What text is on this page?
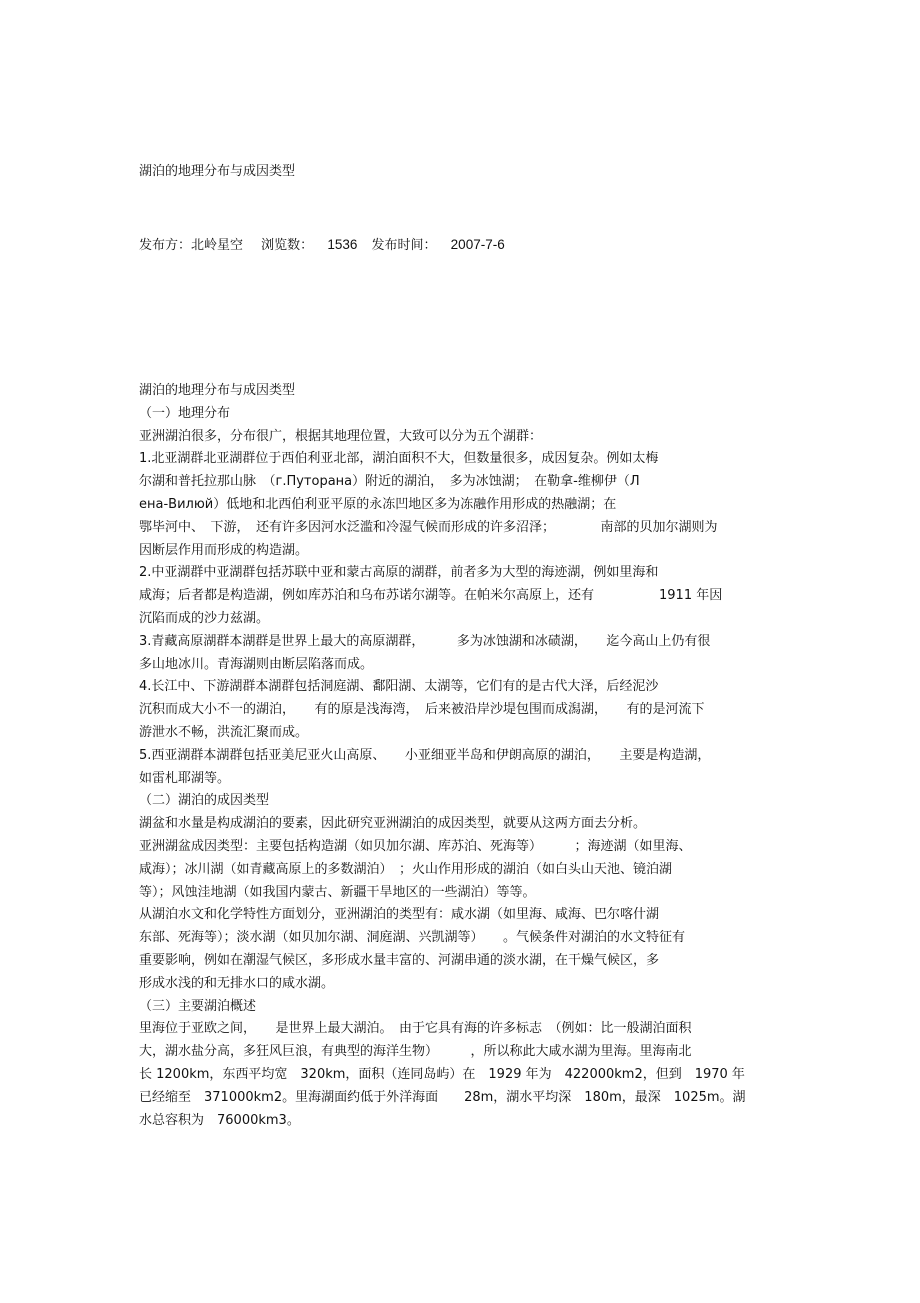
湖泊的地理分布与成因类型
发布方：北岭星空 浏览数： 1536 发布时间： 2007-7-6
湖泊的地理分布与成因类型
（一）地理分布
亚洲湖泊很多，分布很广，根据其地理位置，大致可以分为五个湖群：
1.北亚湖群北亚湖群位于西伯利亚北部，湖泊面积不大，但数量很多，成因复杂。例如太梅
尔湖和普托拉那山脉　（г.Путорана）附近的湖泊，　多为冰蚀湖；　在勒拿-维柳伊（Л
ена-Вилюй）低地和北西伯利亚平原的永冻凹地区多为冻融作用形成的热融湖；在
鄂毕河中、　下游，　还有许多因河水泛滥和冷湿气候而形成的许多沼泽；　　　　南部的贝加尔湖则为
因断层作用而形成的构造湖。
2.中亚湖群中亚湖群包括苏联中亚和蒙古高原的湖群，前者多为大型的海迹湖，例如里海和
咸海；后者都是构造湖，例如库苏泊和乌布苏诺尔湖等。在帕米尔高原上，还有　　　　　1911 年因
沉陷而成的沙力兹湖。
3.青藏高原湖群本湖群是世界上最大的高原湖群，　　　多为冰蚀湖和冰碛湖，　　迄今高山上仍有很
多山地冰川。青海湖则由断层陷落而成。
4.长江中、下游湖群本湖群包括洞庭湖、鄱阳湖、太湖等，它们有的是古代大泽，后经泥沙
沉积而成大小不一的湖泊，　　有的原是浅海湾，　后来被沿岸沙堤包围而成潟湖，　　有的是河流下
游泄水不畅，洪流汇聚而成。
5.西亚湖群本湖群包括亚美尼亚火山高原、　　小亚细亚半岛和伊朗高原的湖泊，　　主要是构造湖，
如雷札耶湖等。
（二）湖泊的成因类型
湖盆和水量是构成湖泊的要素，因此研究亚洲湖泊的成因类型，就要从这两方面去分析。
亚洲湖盆成因类型：主要包括构造湖（如贝加尔湖、库苏泊、死海等）　　　；海迹湖（如里海、
咸海）；冰川湖（如青藏高原上的多数湖泊）　；火山作用形成的湖泊（如白头山天池、镜泊湖
等）；风蚀洼地湖（如我国内蒙古、新疆干旱地区的一些湖泊）等等。
从湖泊水文和化学特性方面划分，亚洲湖泊的类型有：咸水湖（如里海、咸海、巴尔喀什湖
东部、死海等）；淡水湖（如贝加尔湖、洞庭湖、兴凯湖等）　　。气候条件对湖泊的水文特征有
重要影响，例如在潮湿气候区，多形成水量丰富的、河湖串通的淡水湖，在干燥气候区，多
形成水浅的和无排水口的咸水湖。
（三）主要湖泊概述
里海位于亚欧之间，　　是世界上最大湖泊。　由于它具有海的许多标志　（例如：比一般湖泊面积
大，湖水盐分高，多狂风巨浪，有典型的海洋生物）　　　，所以称此大咸水湖为里海。里海南北
长 1200km，东西平均宽　320km，面积（连同岛屿）在　1929 年为　422000km2，但到　1970 年
已经缩至　371000km2。里海湖面约低于外洋海面　　28m，湖水平均深　180m，最深　1025m。湖
水总容积为　76000km3。
